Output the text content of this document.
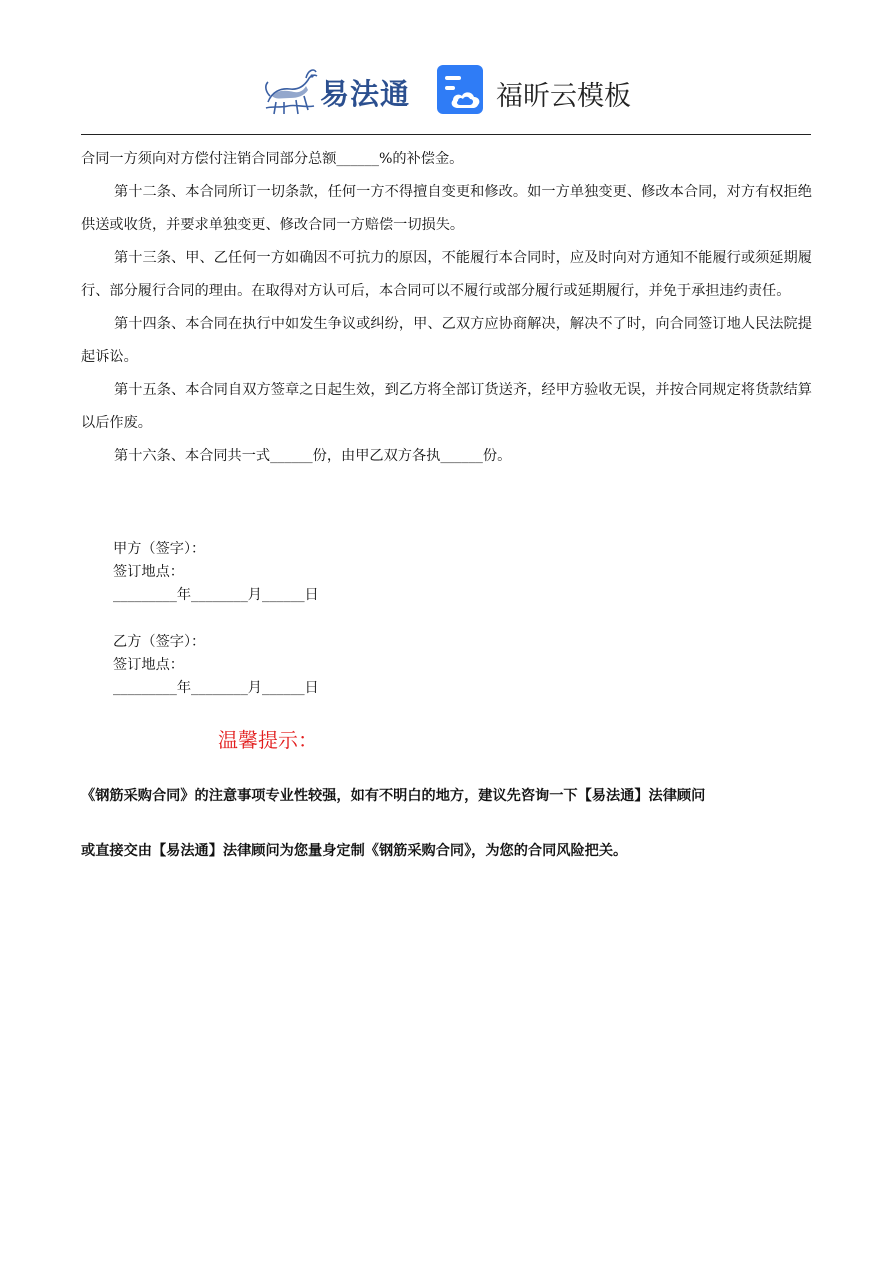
易法通	福昕云模板

合同一方须向对方偿付注销合同部分总额______%的补偿金。

第十二条、本合同所订一切条款，任何一方不得擅自变更和修改。如一方单独变更、修改本合同，对方有权拒绝供送或收货，并要求单独变更、修改合同一方赔偿一切损失。

第十三条、甲、乙任何一方如确因不可抗力的原因，不能履行本合同时，应及时向对方通知不能履行或须延期履行、部分履行合同的理由。在取得对方认可后，本合同可以不履行或部分履行或延期履行，并免于承担违约责任。

第十四条、本合同在执行中如发生争议或纠纷，甲、乙双方应协商解决，解决不了时，向合同签订地人民法院提起诉讼。

第十五条、本合同自双方签章之日起生效，到乙方将全部订货送齐，经甲方验收无误，并按合同规定将货款结算以后作废。

第十六条、本合同共一式______份，由甲乙双方各执______份。

甲方（签字）：
签订地点：
_________年________月______日
乙方（签字）：
签订地点：
_________年________月______日
温馨提示：
《钢筋采购合同》的注意事项专业性较强，如有不明白的地方，建议先咨询一下【易法通】法律顾问
或直接交由【易法通】法律顾问为您量身定制《钢筋采购合同》，为您的合同风险把关。
